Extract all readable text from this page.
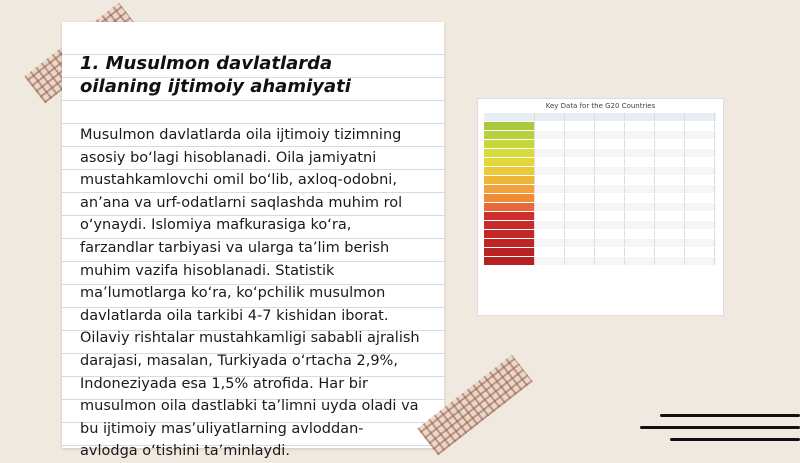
1. Musulmon davlatlarda oilaning ijtimoiy ahamiyati

Musulmon davlatlarda oila ijtimoiy tizimning asosiy bo‘lagi hisoblanadi. Oila jamiyatni mustahkamlovchi omil bo‘lib, axloq-odobni, an’ana va urf-odatlarni saqlashda muhim rol o‘ynaydi. Islomiya mafkurasiga ko‘ra, farzandlar tarbiyasi va ularga ta’lim berish muhim vazifa hisoblanadi. Statistik ma’lumotlarga ko‘ra, ko‘pchilik musulmon davlatlarda oila tarkibi 4-7 kishidan iborat. Oilaviy rishtalar mustahkamligi sababli ajralish darajasi, masalan, Turkiyada o‘rtacha 2,9%, Indoneziyada esa 1,5% atrofida. Har bir musulmon oila dastlabki ta’limni uyda oladi va bu ijtimoiy mas’uliyatlarning avloddan-avlodga o‘tishini ta’minlaydi.

Key Data for the G20 Countries
